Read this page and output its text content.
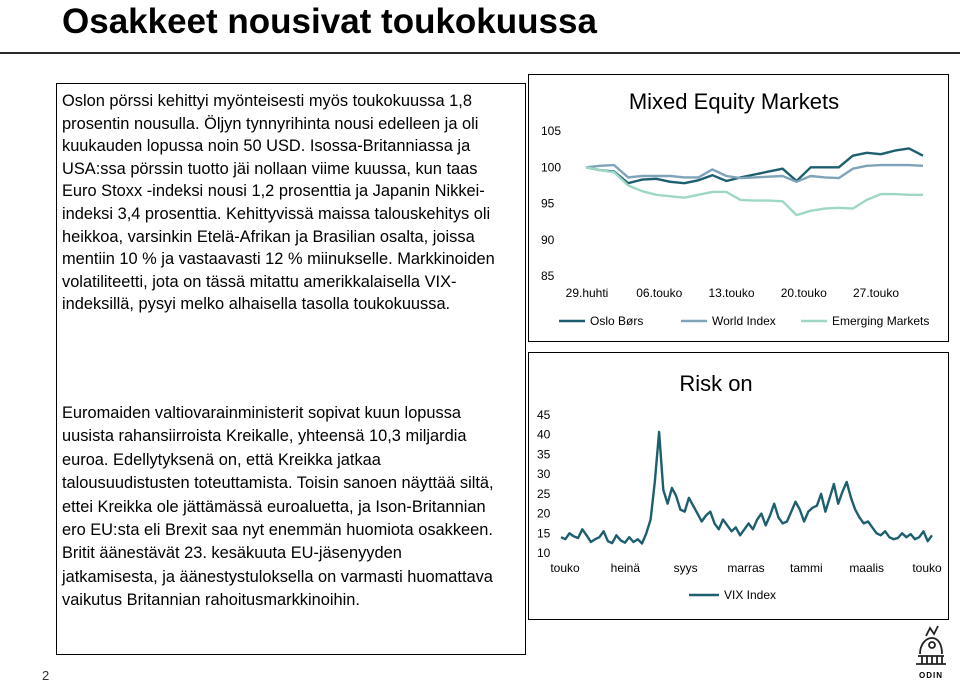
Osakkeet nousivat toukokuussa

Oslon pörssi kehittyi myönteisesti myös toukokuussa 1,8 prosentin nousulla. Öljyn tynnyrihinta nousi edelleen ja oli kuukauden lopussa noin 50 USD. Isossa-Britanniassa ja USA:ssa pörssin tuotto jäi nollaan viime kuussa, kun taas Euro Stoxx -indeksi nousi 1,2 prosenttia ja Japanin Nikkei-indeksi 3,4 prosenttia. Kehittyvissä maissa talouskehitys oli heikkoa, varsinkin Etelä-Afrikan ja Brasilian osalta, joissa mentiin 10 % ja vastaavasti 12 % miinukselle. Markkinoiden volatiliteetti, jota on tässä mitattu amerikkalaisella VIX-indeksillä, pysyi melko alhaisella tasolla toukokuussa.

Euromaiden valtiovarainministerit sopivat kuun lopussa uusista rahansiirroista Kreikalle, yhteensä 10,3 miljardia euroa. Edellytyksenä on, että Kreikka jatkaa talousuudistusten toteuttamista. Toisin sanoen näyttää siltä, ettei Kreikka ole jättämässä euroaluetta, ja Ison-Britannian ero EU:sta eli Brexit saa nyt enemmän huomiota osakkeen. Britit äänestävät 23. kesäkuuta EU-jäsenyyden jatkamisesta, ja äänestystuloksella on varmasti huomattava vaikutus Britannian rahoitusmarkkinoihin.

Mixed Equity Markets
105
100
95
90
85
29.huhti 06.touko 13.touko 20.touko 27.touko
Oslo Børs	World Index	Emerging Markets
Risk on
45
40
35
30
25
20
15
10
touko	heinä	syys marras tammi maalis touko
VIX Index
2	ODIN
